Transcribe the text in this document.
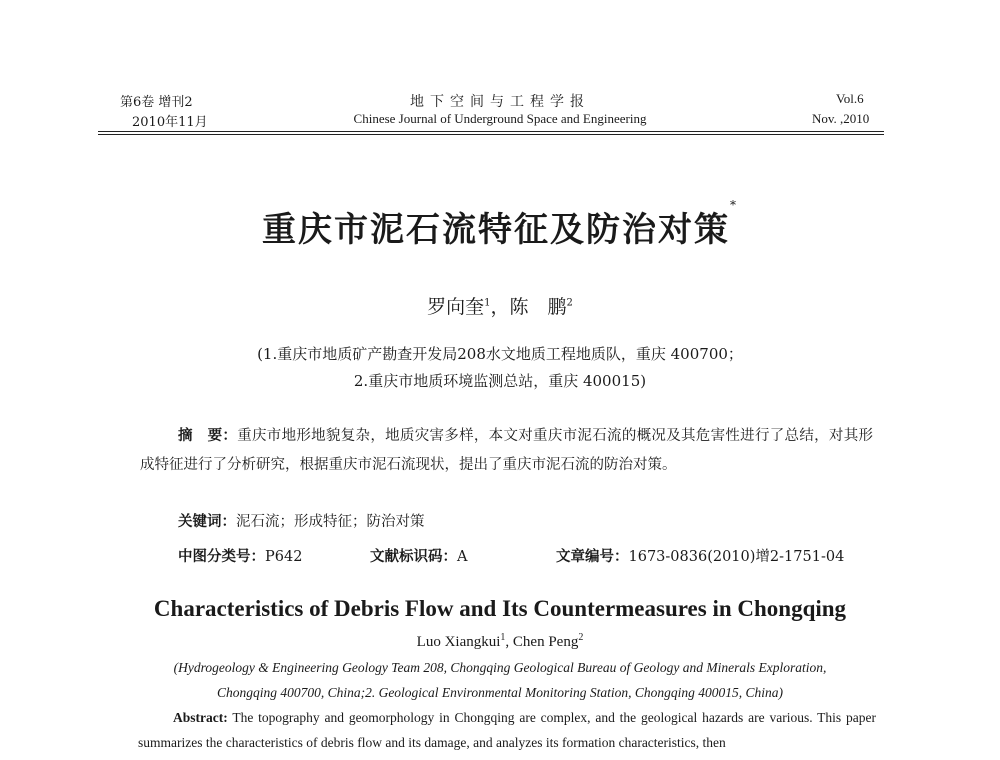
第6卷 增刊2
2010年11月
地下空间与工程学报
Chinese Journal of Underground Space and Engineering
Vol.6
Nov. ,2010
重庆市泥石流特征及防治对策*
罗向奎$^1$，陈　鹏$^2$
(1.重庆市地质矿产勘查开发局208水文地质工程地质队，重庆 400700；
2.重庆市地质环境监测总站，重庆 400015)
摘　要：重庆市地形地貌复杂，地质灾害多样，本文对重庆市泥石流的概况及其危害性进行了总结，对其形成特征进行了分析研究，根据重庆市泥石流现状，提出了重庆市泥石流的防治对策。
关键词：泥石流；形成特征；防治对策
中图分类号：P642	文献标识码：A	文章编号：1673-0836(2010)增2-1751-04
Characteristics of Debris Flow and Its Countermeasures in Chongqing
Luo Xiangkui$^1$, Chen Peng$^2$
(Hydrogeology & Engineering Geology Team 208, Chongqing Geological Bureau of Geology and Minerals Exploration,
Chongqing 400700, China;2. Geological Environmental Monitoring Station, Chongqing 400015, China)
Abstract: The topography and geomorphology in Chongqing are complex, and the geological hazards are various. This paper summarizes the characteristics of debris flow and its damage, and analyzes its formation characteristics, then
